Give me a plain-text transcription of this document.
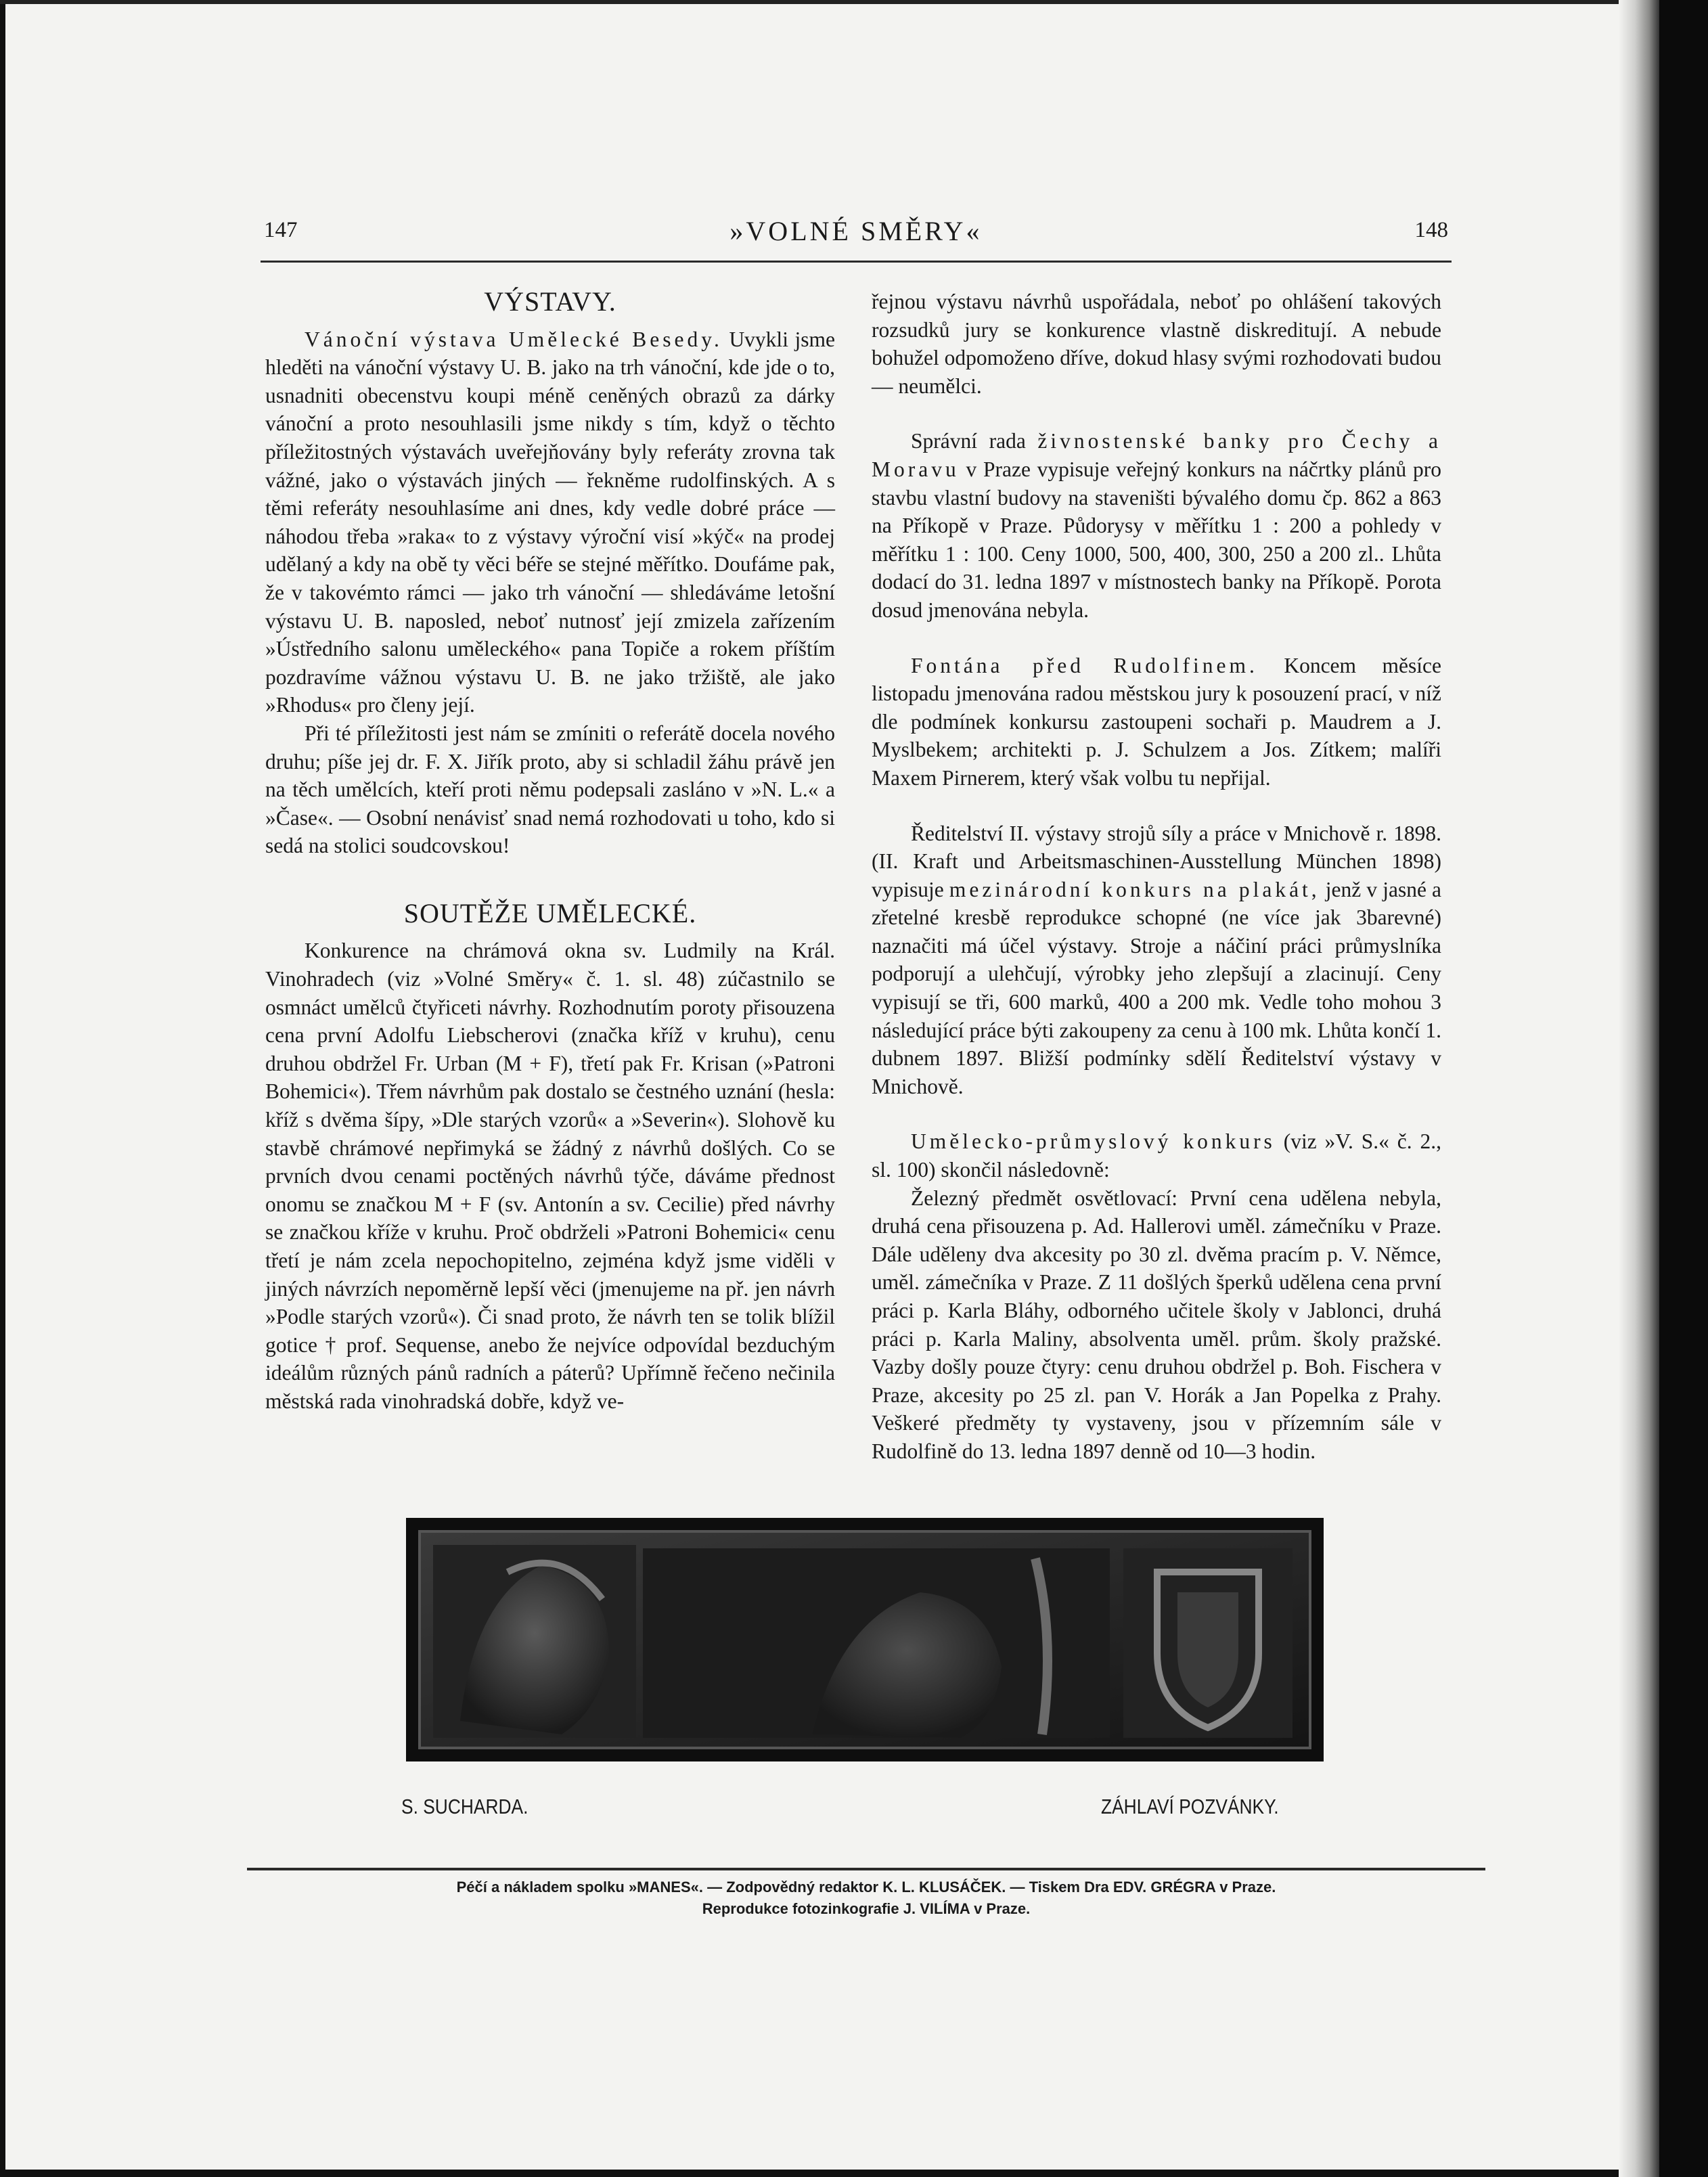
147	»VOLNÉ SMĚRY«	148
VÝSTAVY.

Vánoční výstava Umělecké Besedy. Uvykli jsme hleděti na vánoční výstavy U. B. jako na trh vánoční, kde jde o to, usnadniti obecenstvu koupi méně ceněných obrazů za dárky vánoční a proto nesouhlasili jsme nikdy s tím, když o těchto příležitostných výstavách uveřejňovány byly referáty zrovna tak vážné, jako o výstavách jiných — řekněme rudolfinských. A s těmi referáty nesouhlasíme ani dnes, kdy vedle dobré práce — náhodou třeba »raka« to z výstavy výroční visí »kýč« na prodej udělaný a kdy na obě ty věci béře se stejné měřítko. Doufáme pak, že v takovémto rámci — jako trh vánoční — shledáváme letošní výstavu U. B. naposled, neboť nutnosť její zmizela zařízením »Ústředního salonu uměleckého« pana Topiče a rokem příštím pozdravíme vážnou výstavu U. B. ne jako tržiště, ale jako »Rhodus« pro členy její.

Při té příležitosti jest nám se zmíniti o referátě docela nového druhu; píše jej dr. F. X. Jiřík proto, aby si schladil žáhu právě jen na těch umělcích, kteří proti němu podepsali zasláno v »N. L.« a »Čase«. — Osobní nenávisť snad nemá rozhodovati u toho, kdo si sedá na stolici soudcovskou!

SOUTĚŽE UMĚLECKÉ.

Konkurence na chrámová okna sv. Ludmily na Král. Vinohradech (viz »Volné Směry« č. 1. sl. 48) zúčastnilo se osmnáct umělců čtyřiceti návrhy. Rozhodnutím poroty přisouzena cena první Adolfu Liebscherovi (značka kříž v kruhu), cenu druhou obdržel Fr. Urban (M + F), třetí pak Fr. Krisan (»Patroni Bohemici«). Třem návrhům pak dostalo se čestného uznání (hesla: kříž s dvěma šípy, »Dle starých vzorů« a »Severin«). Slohově ku stavbě chrámové nepřimyká se žádný z návrhů došlých. Co se prvních dvou cenami poctěných návrhů týče, dáváme přednost onomu se značkou M + F (sv. Antonín a sv. Cecilie) před návrhy se značkou kříže v kruhu. Proč obdrželi »Patroni Bohemici« cenu třetí je nám zcela nepochopitelno, zejména když jsme viděli v jiných návrzích nepoměrně lepší věci (jmenujeme na př. jen návrh »Podle starých vzorů«). Či snad proto, že návrh ten se tolik blížil gotice † prof. Sequense, anebo že nejvíce odpovídal bezduchým ideálům různých pánů radních a páterů? Upřímně řečeno nečinila městská rada vinohradská dobře, když ve-

řejnou výstavu návrhů uspořádala, neboť po ohlášení takových rozsudků jury se konkurence vlastně diskreditují. A nebude bohužel odpomoženo dříve, dokud hlasy svými rozhodovati budou — neumělci.

Správní rada živnostenské banky pro Čechy a Moravu v Praze vypisuje veřejný konkurs na náčrtky plánů pro stavbu vlastní budovy na staveništi bývalého domu čp. 862 a 863 na Příkopě v Praze. Půdorysy v měřítku 1 : 200 a pohledy v měřítku 1 : 100. Ceny 1000, 500, 400, 300, 250 a 200 zl.. Lhůta dodací do 31. ledna 1897 v místnostech banky na Příkopě. Porota dosud jmenována nebyla.

Fontána před Rudolfinem. Koncem měsíce listopadu jmenována radou městskou jury k posouzení prací, v níž dle podmínek konkursu zastoupeni sochaři p. Maudrem a J. Myslbekem; architekti p. J. Schulzem a Jos. Zítkem; malíři Maxem Pirnerem, který však volbu tu nepřijal.

Ředitelství II. výstavy strojů síly a práce v Mnichově r. 1898. (II. Kraft und Arbeitsmaschinen-Ausstellung München 1898) vypisuje mezinárodní konkurs na plakát, jenž v jasné a zřetelné kresbě reprodukce schopné (ne více jak 3barevné) naznačiti má účel výstavy. Stroje a náčiní práci průmyslníka podporují a ulehčují, výrobky jeho zlepšují a zlacinují. Ceny vypisují se tři, 600 marků, 400 a 200 mk. Vedle toho mohou 3 následující práce býti zakoupeny za cenu à 100 mk. Lhůta končí 1. dubnem 1897. Bližší podmínky sdělí Ředitelství výstavy v Mnichově.

Umělecko-průmyslový konkurs (viz »V. S.« č. 2., sl. 100) skončil následovně:

Železný předmět osvětlovací: První cena udělena nebyla, druhá cena přisouzena p. Ad. Hallerovi uměl. zámečníku v Praze. Dále uděleny dva akcesity po 30 zl. dvěma pracím p. V. Němce, uměl. zámečníka v Praze. Z 11 došlých šperků udělena cena první práci p. Karla Bláhy, odborného učitele školy v Jablonci, druhá práci p. Karla Maliny, absolventa uměl. prům. školy pražské. Vazby došly pouze čtyry: cenu druhou obdržel p. Boh. Fischera v Praze, akcesity po 25 zl. pan V. Horák a Jan Popelka z Prahy. Veškeré předměty ty vystaveny, jsou v přízemním sále v Rudolfině do 13. ledna 1897 denně od 10—3 hodin.

S. SUCHARDA.	ZÁHLAVÍ POZVÁNKY.
Péčí a nákladem spolku »MANES«. — Zodpovědný redaktor K. L. KLUSÁČEK. — Tiskem Dra EDV. GRÉGRA v Praze.
Reprodukce fotozinkografie J. VILÍMA v Praze.
